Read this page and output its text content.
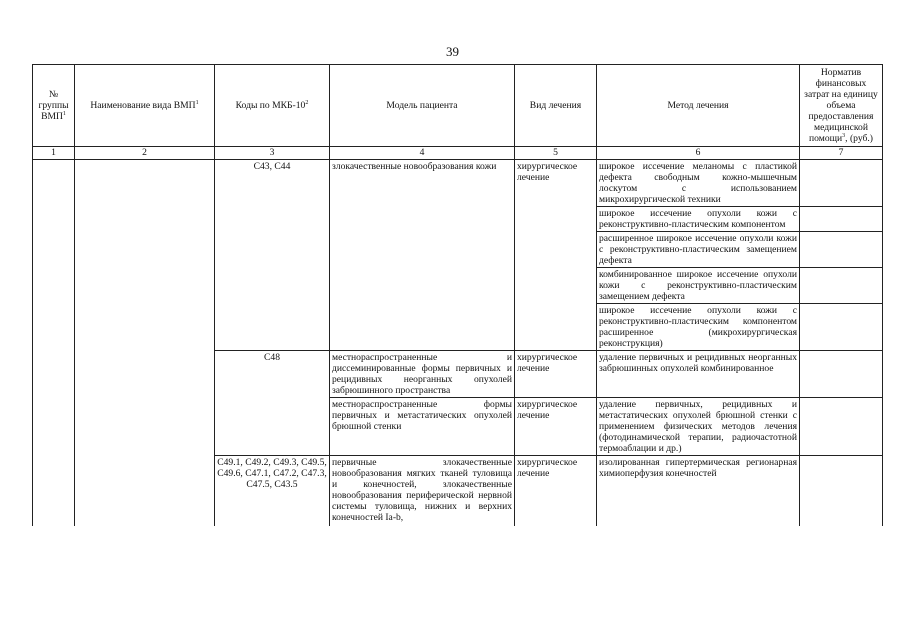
39
№
группы
ВМП$^1$	Наименование вида ВМП$^1$	Коды по МКБ-$10^2$	Модель пациента	Вид лечения	Метод лечения	Норматив финансовых затрат на единицу объема предоставления медицинской помощи$^3$, (руб.)
1	2	3	4	5	6	7
		С43, С44	злокачественные новообразования кожи	хирургическое лечение	широкое иссечение меланомы с пластикой дефекта свободным кожно-мышечным лоскутом с использованием микрохирургической техники	
					широкое иссечение опухоли кожи с реконструктивно-пластическим компонентом	
					расширенное широкое иссечение опухоли кожи с реконструктивно-пластическим замещением дефекта	
					комбинированное широкое иссечение опухоли кожи с реконструктивно-пластическим замещением дефекта	
					широкое иссечение опухоли кожи с реконструктивно-пластическим компонентом расширенное (микрохирургическая реконструкция)	
		С48	местнораспространенные и диссеминированные формы первичных и рецидивных неорганных опухолей забрюшинного пространства	хирургическое лечение	удаление первичных и рецидивных неорганных забрюшинных опухолей комбинированное	
			местнораспространенные формы первичных и метастатических опухолей брюшной стенки	хирургическое лечение	удаление первичных, рецидивных и метастатических опухолей брюшной стенки с применением физических методов лечения (фотодинамической терапии, радиочастотной термоаблации и др.)	
		С49.1, С49.2, С49.3, С49.5, С49.6, С47.1, С47.2, С47.3, С47.5, С43.5	первичные злокачественные новообразования мягких тканей туловища и конечностей, злокачественные новообразования периферической нервной системы туловища, нижних и верхних конечностей Ia-b,	хирургическое лечение	изолированная гипертермическая регионарная химиоперфузия конечностей	
